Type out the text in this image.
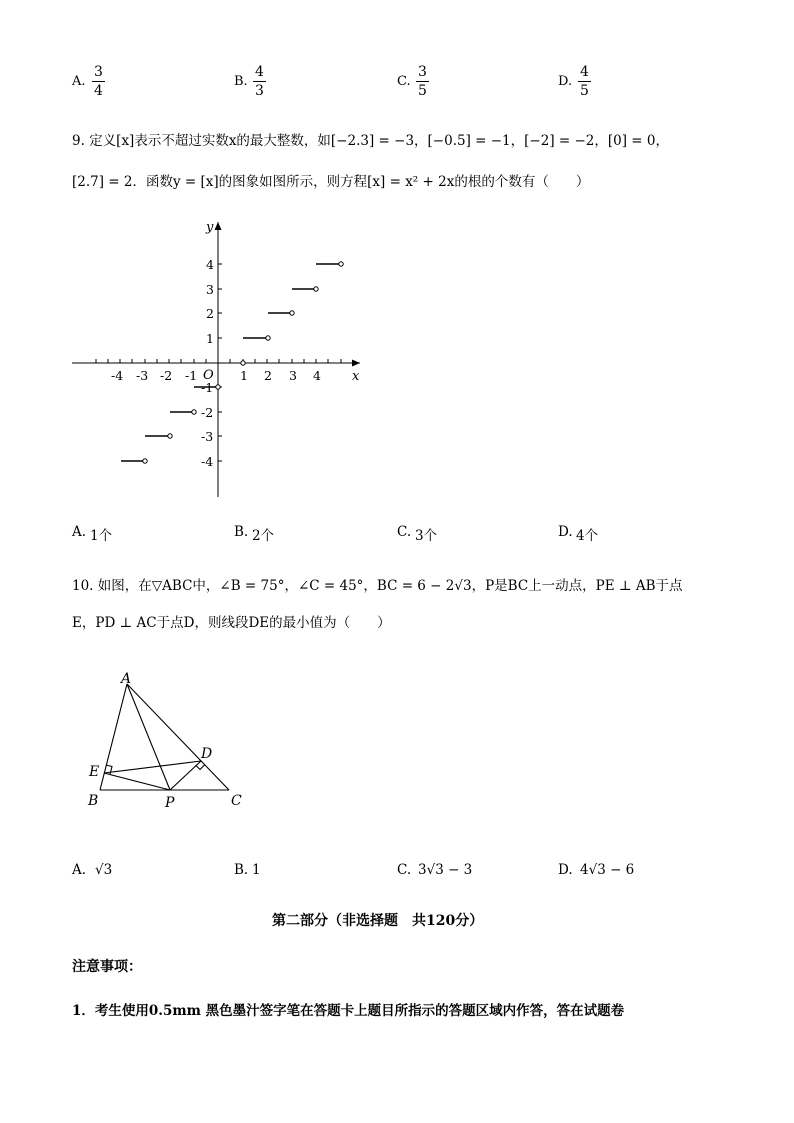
A. $\frac{3}{4}$	B. $\frac{4}{3}$	C. $\frac{3}{5}$	D. $\frac{4}{5}$
9. 定义[x]表示不超过实数x的最大整数，如[−2.3] = −3，[−0.5] = −1，[−2] = −2，[0] = 0，
[2.7] = 2．函数y = [x]的图象如图所示，则方程[x] = x² + 2x的根的个数有（　　）
y
x
O
-4 -3 -2 -1	1 2 3 4
4
3
2
1
-1
-2
-3
-4
A. 1个	B. 2个	C. 3个	D. 4个
10. 如图，在▽ABC中，∠B = 75°，∠C = 45°，BC = 6 − 2√3，P是BC上一动点，PE ⊥ AB于点
E，PD ⊥ AC于点D，则线段DE的最小值为（　　）
A
B	C
D
E
P
A. √3	B. 1	C. 3√3 − 3	D. 4√3 − 6
第二部分（非选择题　共120分）
注意事项：
1．考生使用0.5mm 黑色墨汁签字笔在答题卡上题目所指示的答题区域内作答，答在试题卷
